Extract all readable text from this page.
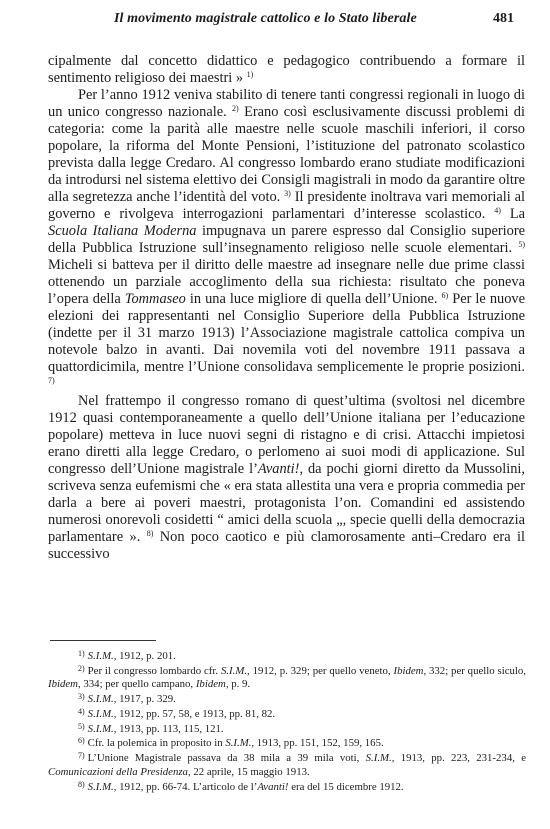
Il movimento magistrale cattolico e lo Stato liberale	481

cipalmente dal concetto didattico e pedagogico contribuendo a formare il sentimento religioso dei maestri » $^{1)}$

Per l’anno 1912 veniva stabilito di tenere tanti congressi regionali in luogo di un unico congresso nazionale. $^{2)}$ Erano così esclusivamente discussi problemi di categoria: come la parità alle maestre nelle scuole maschili inferiori, il corso popolare, la riforma del Monte Pensioni, l’istituzione del patronato scolastico prevista dalla legge Credaro. Al congresso lombardo erano studiate modificazioni da introdursi nel sistema elettivo dei Consigli magistrali in modo da garantire oltre alla segretezza anche l’identità del voto. $^{3)}$ Il presidente inoltrava vari memoriali al governo e rivolgeva interrogazioni parlamentari d’interesse scolastico. $^{4)}$ La Scuola Italiana Moderna impugnava un parere espresso dal Consiglio superiore della Pubblica Istruzione sull’insegnamento religioso nelle scuole elementari. $^{5)}$ Micheli si batteva per il diritto delle maestre ad insegnare nelle due prime classi ottenendo un parziale accoglimento della sua richiesta: risultato che poneva l’opera della Tommaseo in una luce migliore di quella dell’Unione. $^{6)}$ Per le nuove elezioni dei rappresentanti nel Consiglio Superiore della Pubblica Istruzione (indette per il 31 marzo 1913) l’Associazione magistrale cattolica compiva un notevole balzo in avanti. Dai novemila voti del novembre 1911 passava a quattordicimila, mentre l’Unione consolidava semplicemente le proprie posizioni. $^{7)}$

Nel frattempo il congresso romano di quest’ultima (svoltosi nel dicembre 1912 quasi contemporaneamente a quello dell’Unione italiana per l’educazione popolare) metteva in luce nuovi segni di ristagno e di crisi. Attacchi impietosi erano diretti alla legge Credaro, o perlomeno ai suoi modi di applicazione. Sul congresso dell’Unione magistrale l’Avanti!, da pochi giorni diretto da Mussolini, scriveva senza eufemismi che « era stata allestita una vera e propria commedia per darla a bere ai poveri maestri, protagonista l’on. Comandini ed assistendo numerosi onorevoli cosidetti “ amici della scuola „, specie quelli della democrazia parlamentare ». $^{8)}$ Non poco caotico e più clamorosamente anti–Credaro era il successivo

$^{1)}$ S.I.M., 1912, p. 201.

$^{2)}$ Per il congresso lombardo cfr. S.I.M., 1912, p. 329; per quello veneto, Ibidem, 332; per quello siculo, Ibidem, 334; per quello campano, Ibidem, p. 9.

$^{3)}$ S.I.M., 1917, p. 329.

$^{4)}$ S.I.M., 1912, pp. 57, 58, e 1913, pp. 81, 82.

$^{5)}$ S.I.M., 1913, pp. 113, 115, 121.

$^{6)}$ Cfr. la polemica in proposito in S.I.M., 1913, pp. 151, 152, 159, 165.

$^{7)}$ L’Unione Magistrale passava da 38 mila a 39 mila voti, S.I.M., 1913, pp. 223, 231-234, e Comunicazioni della Presidenza, 22 aprile, 15 maggio 1913.

$^{8)}$ S.I.M., 1912, pp. 66-74. L’articolo de l’Avanti! era del 15 dicembre 1912.
